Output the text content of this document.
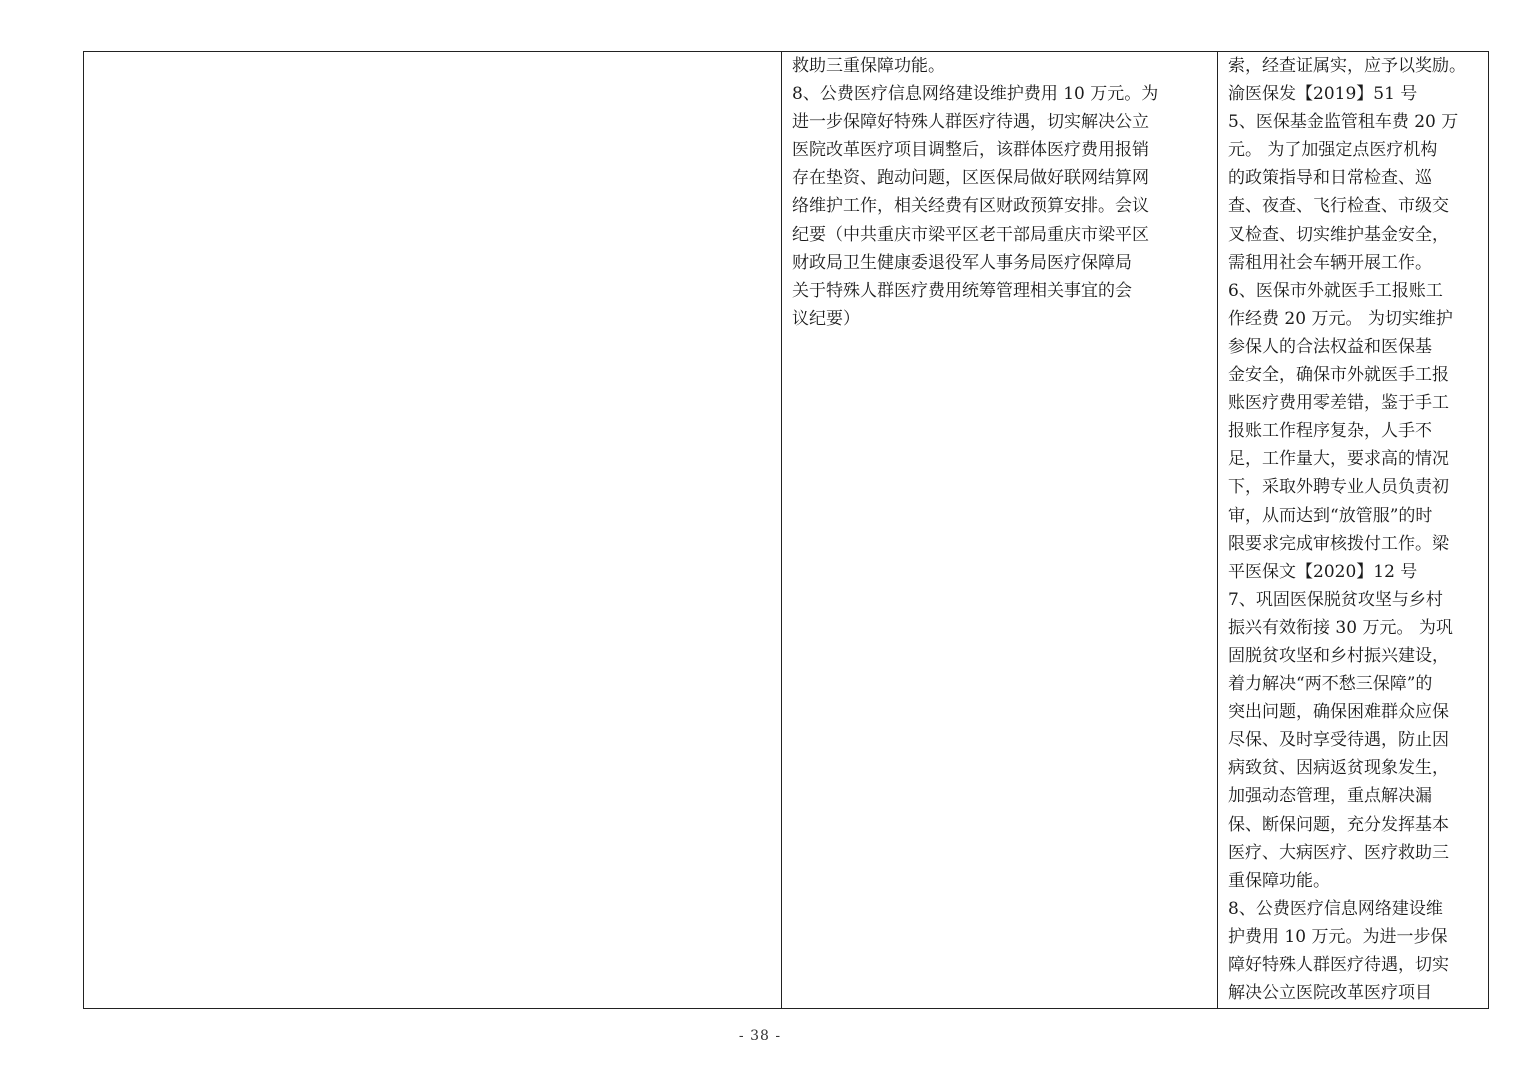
救助三重保障功能。
8、公费医疗信息网络建设维护费用 10 万元。为
进一步保障好特殊人群医疗待遇，切实解决公立
医院改革医疗项目调整后，该群体医疗费用报销
存在垫资、跑动问题，区医保局做好联网结算网
络维护工作，相关经费有区财政预算安排。会议
纪要（中共重庆市梁平区老干部局重庆市梁平区
财政局卫生健康委退役军人事务局医疗保障局
关于特殊人群医疗费用统筹管理相关事宜的会
议纪要）
索，经查证属实，应予以奖励。
渝医保发【2019】51 号
5、医保基金监管租车费 20 万
元。 为了加强定点医疗机构
的政策指导和日常检查、巡
查、夜查、飞行检查、市级交
叉检查、切实维护基金安全，
需租用社会车辆开展工作。
6、医保市外就医手工报账工
作经费 20 万元。 为切实维护
参保人的合法权益和医保基
金安全，确保市外就医手工报
账医疗费用零差错，鉴于手工
报账工作程序复杂，人手不
足，工作量大，要求高的情况
下，采取外聘专业人员负责初
审，从而达到“放管服”的时
限要求完成审核拨付工作。梁
平医保文【2020】12 号
7、巩固医保脱贫攻坚与乡村
振兴有效衔接 30 万元。 为巩
固脱贫攻坚和乡村振兴建设，
着力解决“两不愁三保障”的
突出问题，确保困难群众应保
尽保、及时享受待遇，防止因
病致贫、因病返贫现象发生，
加强动态管理，重点解决漏
保、断保问题，充分发挥基本
医疗、大病医疗、医疗救助三
重保障功能。
8、公费医疗信息网络建设维
护费用 10 万元。为进一步保
障好特殊人群医疗待遇，切实
解决公立医院改革医疗项目
- 38 -
